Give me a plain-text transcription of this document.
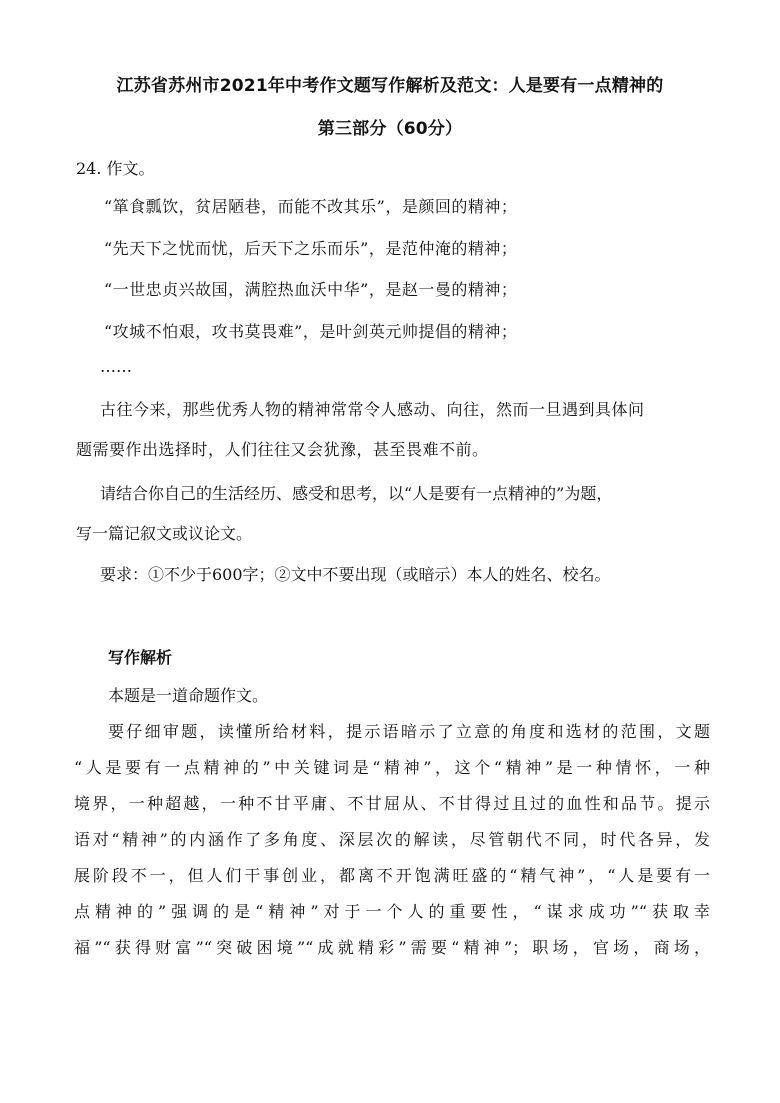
江苏省苏州市2021年中考作文题写作解析及范文：人是要有一点精神的
第三部分（60分）
24. 作文。
“箪食瓢饮，贫居陋巷，而能不改其乐”，是颜回的精神；
“先天下之忧而忧，后天下之乐而乐”，是范仲淹的精神；
“一世忠贞兴故国，满腔热血沃中华”，是赵一曼的精神；
“攻城不怕艰，攻书莫畏难”，是叶剑英元帅提倡的精神；
……
古往今来，那些优秀人物的精神常常令人感动、向往，然而一旦遇到具体问
题需要作出选择时，人们往往又会犹豫，甚至畏难不前。
请结合你自己的生活经历、感受和思考，以“人是要有一点精神的”为题，
写一篇记叙文或议论文。
要求：①不少于600字；②文中不要出现（或暗示）本人的姓名、校名。
写作解析
本题是一道命题作文。
要仔细审题，读懂所给材料，提示语暗示了立意的角度和选材的范围，文题
“人是要有一点精神的”中关键词是“精神”，这个“精神”是一种情怀，一种
境界，一种超越，一种不甘平庸、不甘屈从、不甘得过且过的血性和品节。提示
语对“精神”的内涵作了多角度、深层次的解读，尽管朝代不同，时代各异，发
展阶段不一，但人们干事创业，都离不开饱满旺盛的“精气神”，“人是要有一
点精神的”强调的是“精神”对于一个人的重要性，“谋求成功”“获取幸
福”“获得财富”“突破困境”“成就精彩”需要“精神”；职场，官场，商场，
